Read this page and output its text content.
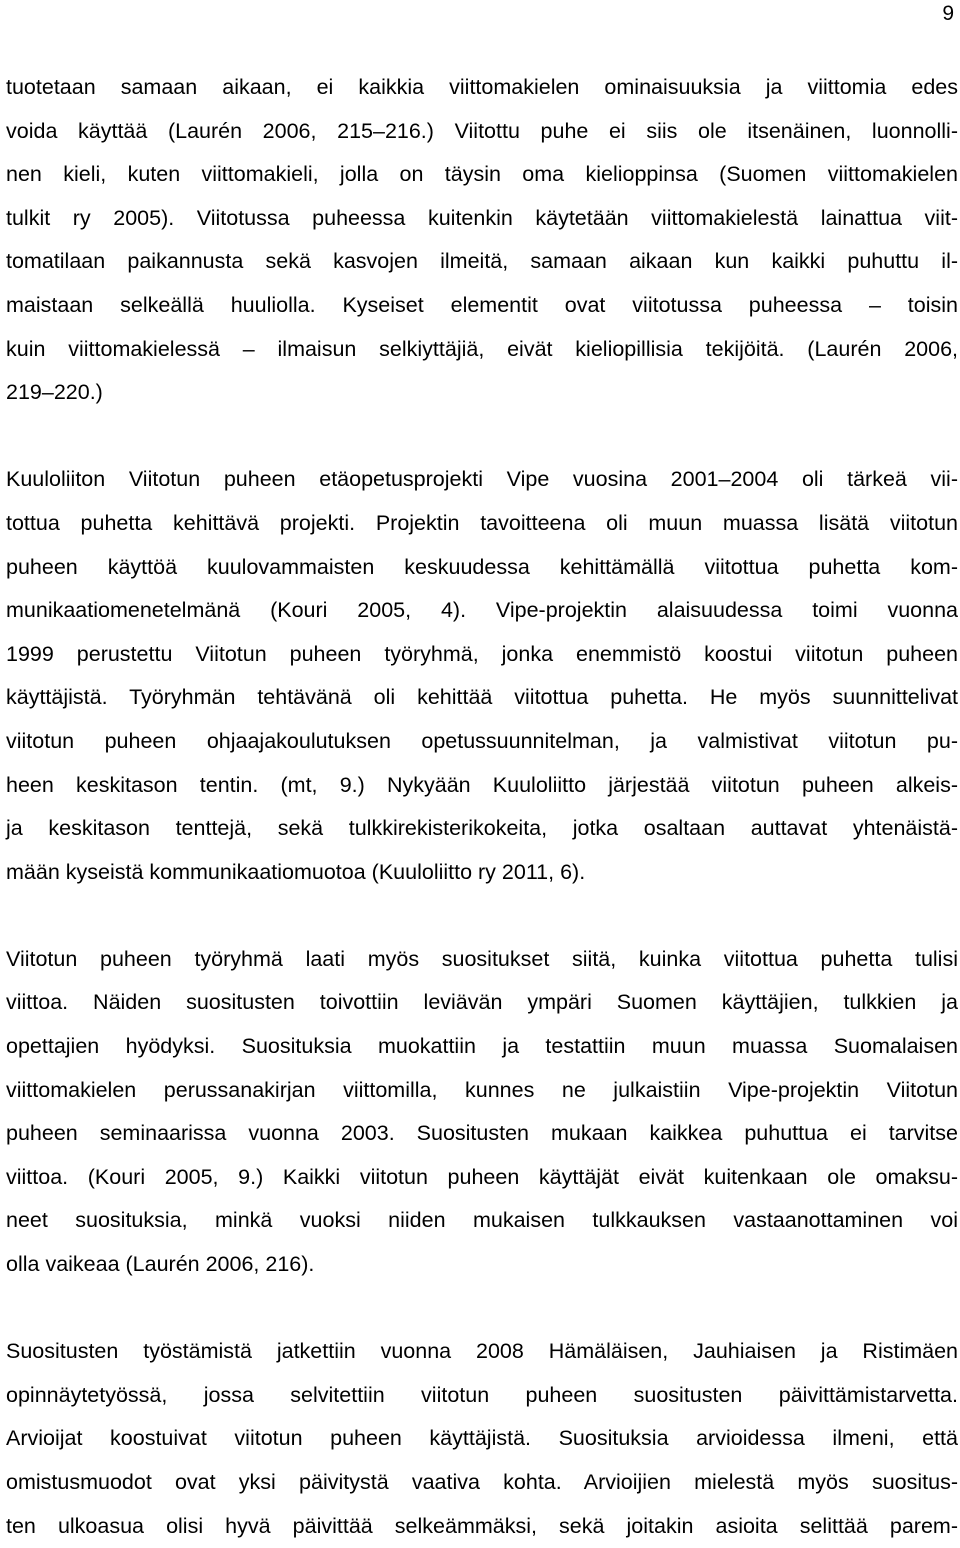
9
tuotetaan samaan aikaan, ei kaikkia viittomakielen ominaisuuksia ja viittomia edes
voida käyttää (Laurén 2006, 215–216.) Viitottu puhe ei siis ole itsenäinen, luonnolli-
nen kieli, kuten viittomakieli, jolla on täysin oma kielioppinsa (Suomen viittomakielen
tulkit ry 2005). Viitotussa puheessa kuitenkin käytetään viittomakielestä lainattua viit-
tomatilaan paikannusta sekä kasvojen ilmeitä, samaan aikaan kun kaikki puhuttu il-
maistaan selkeällä huuliolla. Kyseiset elementit ovat viitotussa puheessa – toisin
kuin viittomakielessä – ilmaisun selkiyttäjiä, eivät kieliopillisia tekijöitä. (Laurén 2006,
219–220.)
Kuuloliiton Viitotun puheen etäopetusprojekti Vipe vuosina 2001–2004 oli tärkeä vii-
tottua puhetta kehittävä projekti. Projektin tavoitteena oli muun muassa lisätä viitotun
puheen käyttöä kuulovammaisten keskuudessa kehittämällä viitottua puhetta kom-
munikaatiomenetelmänä (Kouri 2005, 4). Vipe-projektin alaisuudessa toimi vuonna
1999 perustettu Viitotun puheen työryhmä, jonka enemmistö koostui viitotun puheen
käyttäjistä. Työryhmän tehtävänä oli kehittää viitottua puhetta. He myös suunnittelivat
viitotun puheen ohjaajakoulutuksen opetussuunnitelman, ja valmistivat viitotun pu-
heen keskitason tentin. (mt, 9.) Nykyään Kuuloliitto järjestää viitotun puheen alkeis-
ja keskitason tenttejä, sekä tulkkirekisterikokeita, jotka osaltaan auttavat yhtenäistä-
mään kyseistä kommunikaatiomuotoa (Kuuloliitto ry 2011, 6).
Viitotun puheen työryhmä laati myös suositukset siitä, kuinka viitottua puhetta tulisi
viittoa. Näiden suositusten toivottiin leviävän ympäri Suomen käyttäjien, tulkkien ja
opettajien hyödyksi. Suosituksia muokattiin ja testattiin muun muassa Suomalaisen
viittomakielen perussanakirjan viittomilla, kunnes ne julkaistiin Vipe-projektin Viitotun
puheen seminaarissa vuonna 2003. Suositusten mukaan kaikkea puhuttua ei tarvitse
viittoa. (Kouri 2005, 9.) Kaikki viitotun puheen käyttäjät eivät kuitenkaan ole omaksu-
neet suosituksia, minkä vuoksi niiden mukaisen tulkkauksen vastaanottaminen voi
olla vaikeaa (Laurén 2006, 216).
Suositusten työstämistä jatkettiin vuonna 2008 Hämäläisen, Jauhiaisen ja Ristimäen
opinnäytetyössä, jossa selvitettiin viitotun puheen suositusten päivittämistarvetta.
Arvioijat koostuivat viitotun puheen käyttäjistä. Suosituksia arvioidessa ilmeni, että
omistusmuodot ovat yksi päivitystä vaativa kohta. Arvioijien mielestä myös suositus-
ten ulkoasua olisi hyvä päivittää selkeämmäksi, sekä joitakin asioita selittää parem-
